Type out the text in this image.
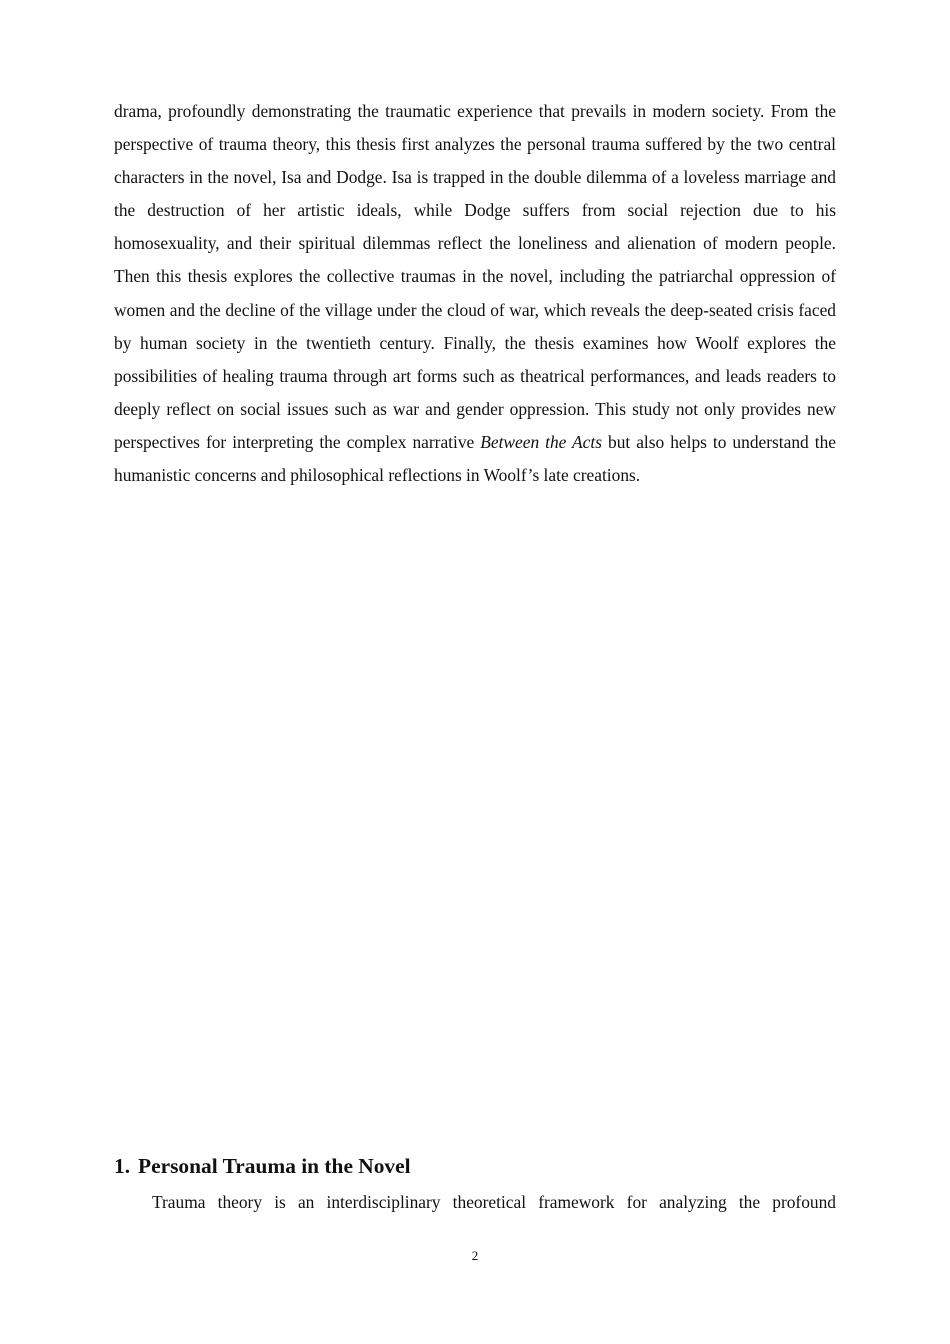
drama, profoundly demonstrating the traumatic experience that prevails in modern society. From the perspective of trauma theory, this thesis first analyzes the personal trauma suffered by the two central characters in the novel, Isa and Dodge. Isa is trapped in the double dilemma of a loveless marriage and the destruction of her artistic ideals, while Dodge suffers from social rejection due to his homosexuality, and their spiritual dilemmas reflect the loneliness and alienation of modern people. Then this thesis explores the collective traumas in the novel, including the patriarchal oppression of women and the decline of the village under the cloud of war, which reveals the deep-seated crisis faced by human society in the twentieth century. Finally, the thesis examines how Woolf explores the possibilities of healing trauma through art forms such as theatrical performances, and leads readers to deeply reflect on social issues such as war and gender oppression. This study not only provides new perspectives for interpreting the complex narrative Between the Acts but also helps to understand the humanistic concerns and philosophical reflections in Woolf’s late creations.

1. Personal Trauma in the Novel

Trauma theory is an interdisciplinary theoretical framework for analyzing the profound

2
